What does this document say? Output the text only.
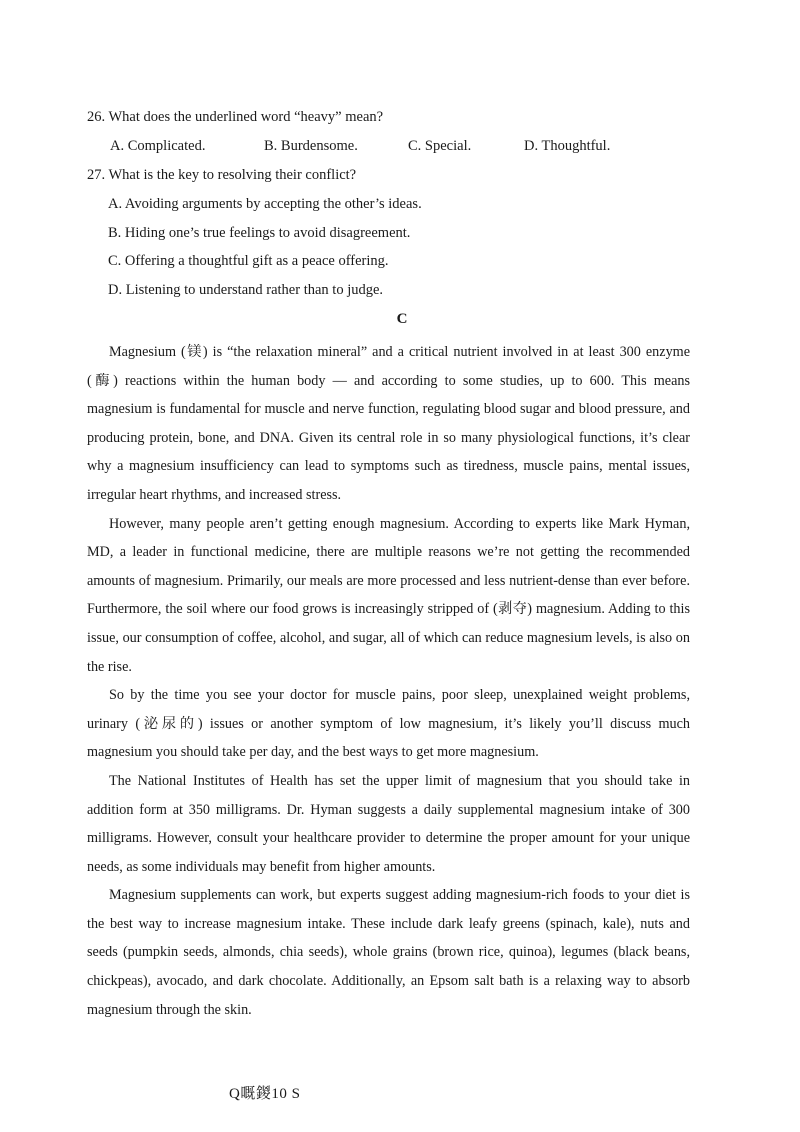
26. What does the underlined word “heavy” mean?
A. Complicated.	B. Burdensome.	C. Special.	D. Thoughtful.
27. What is the key to resolving their conflict?
A. Avoiding arguments by accepting the other’s ideas.
B. Hiding one’s true feelings to avoid disagreement.
C. Offering a thoughtful gift as a peace offering.
D. Listening to understand rather than to judge.
C

Magnesium (镁) is “the relaxation mineral” and a critical nutrient involved in at least 300 enzyme (酶) reactions within the human body — and according to some studies, up to 600. This means magnesium is fundamental for muscle and nerve function, regulating blood sugar and blood pressure, and producing protein, bone, and DNA. Given its central role in so many physiological functions, it’s clear why a magnesium insufficiency can lead to symptoms such as tiredness, muscle pains, mental issues, irregular heart rhythms, and increased stress.

However, many people aren’t getting enough magnesium. According to experts like Mark Hyman, MD, a leader in functional medicine, there are multiple reasons we’re not getting the recommended amounts of magnesium. Primarily, our meals are more processed and less nutrient-dense than ever before. Furthermore, the soil where our food grows is increasingly stripped of (剥夺) magnesium. Adding to this issue, our consumption of coffee, alcohol, and sugar, all of which can reduce magnesium levels, is also on the rise.

So by the time you see your doctor for muscle pains, poor sleep, unexplained weight problems, urinary (泌尿的) issues or another symptom of low magnesium, it’s likely you’ll discuss much magnesium you should take per day, and the best ways to get more magnesium.

The National Institutes of Health has set the upper limit of magnesium that you should take in addition form at 350 milligrams. Dr. Hyman suggests a daily supplemental magnesium intake of 300 milligrams. However, consult your healthcare provider to determine the proper amount for your unique needs, as some individuals may benefit from higher amounts.

Magnesium supplements can work, but experts suggest adding magnesium-rich foods to your diet is the best way to increase magnesium intake. These include dark leafy greens (spinach, kale), nuts and seeds (pumpkin seeds, almonds, chia seeds), whole grains (brown rice, quinoa), legumes (black beans, chickpeas), avocado, and dark chocolate. Additionally, an Epsom salt bath is a relaxing way to absorb magnesium through the skin.

Q嘅鍐10 S
